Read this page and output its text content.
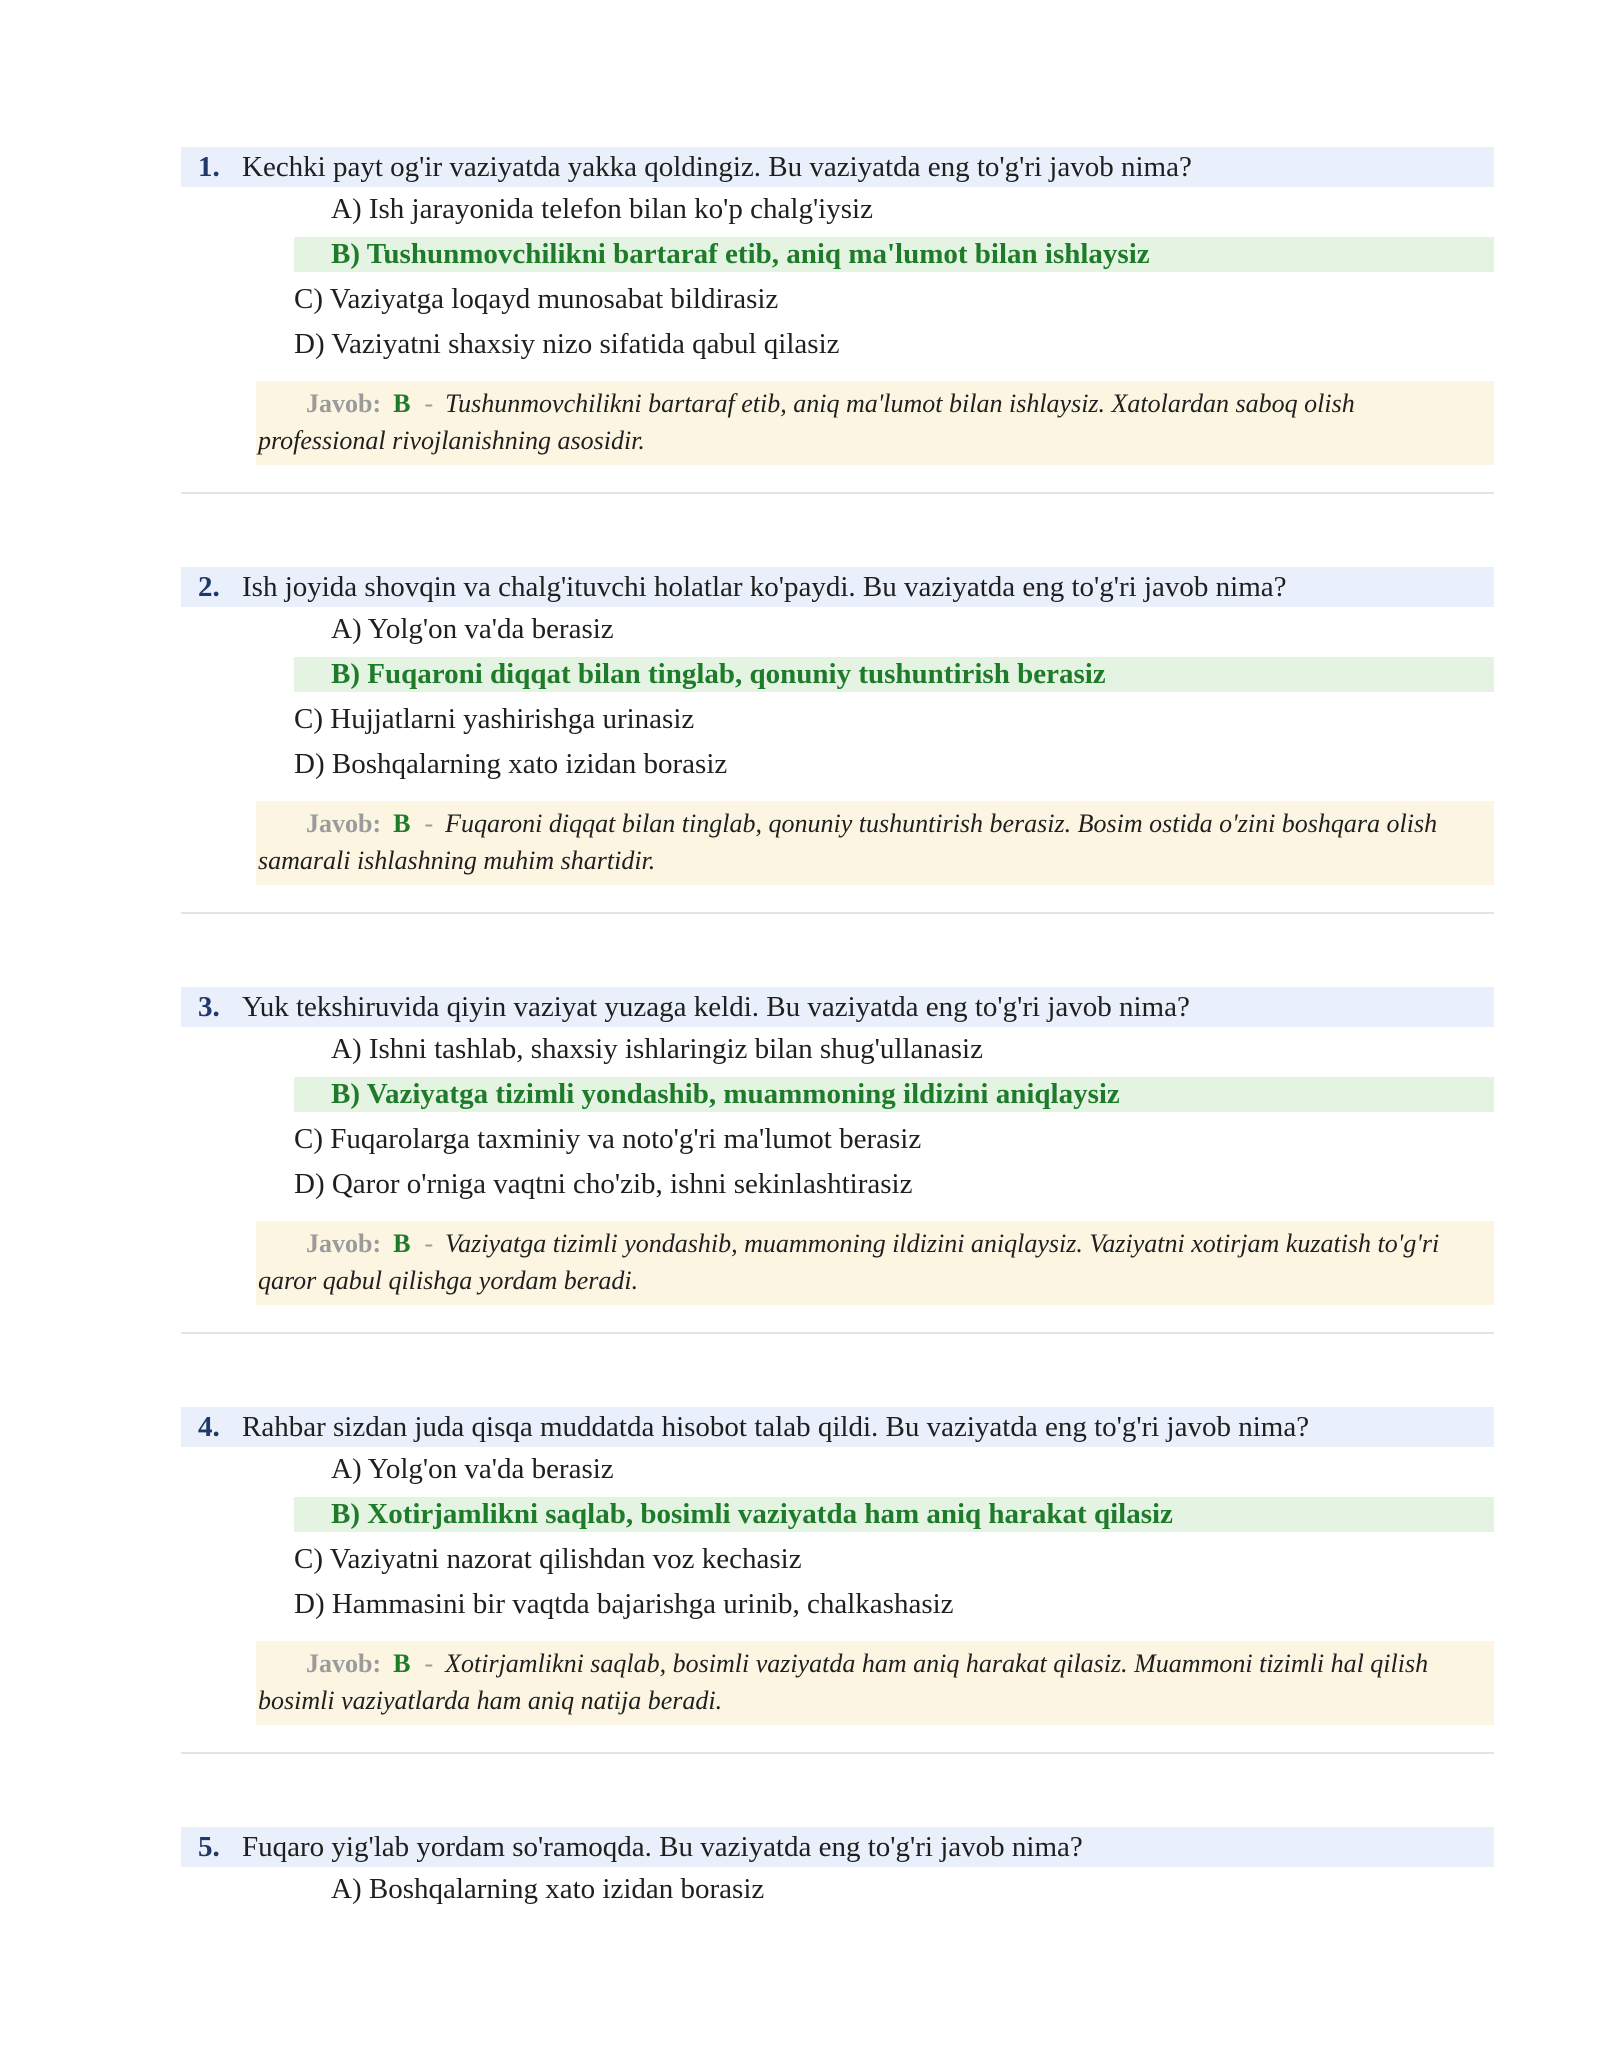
1. Kechki payt og'ir vaziyatda yakka qoldingiz. Bu vaziyatda eng to'g'ri javob nima?
A) Ish jarayonida telefon bilan ko'p chalg'iysiz
B) Tushunmovchilikni bartaraf etib, aniq ma'lumot bilan ishlaysiz
C) Vaziyatga loqayd munosabat bildirasiz
D) Vaziyatni shaxsiy nizo sifatida qabul qilasiz
Javob: B - Tushunmovchilikni bartaraf etib, aniq ma'lumot bilan ishlaysiz. Xatolardan saboq olish professional rivojlanishning asosidir.
2. Ish joyida shovqin va chalg'ituvchi holatlar ko'paydi. Bu vaziyatda eng to'g'ri javob nima?
A) Yolg'on va'da berasiz
B) Fuqaroni diqqat bilan tinglab, qonuniy tushuntirish berasiz
C) Hujjatlarni yashirishga urinasiz
D) Boshqalarning xato izidan borasiz
Javob: B - Fuqaroni diqqat bilan tinglab, qonuniy tushuntirish berasiz. Bosim ostida o'zini boshqara olish samarali ishlashning muhim shartidir.
3. Yuk tekshiruvida qiyin vaziyat yuzaga keldi. Bu vaziyatda eng to'g'ri javob nima?
A) Ishni tashlab, shaxsiy ishlaringiz bilan shug'ullanasiz
B) Vaziyatga tizimli yondashib, muammoning ildizini aniqlaysiz
C) Fuqarolarga taxminiy va noto'g'ri ma'lumot berasiz
D) Qaror o'rniga vaqtni cho'zib, ishni sekinlashtirasiz
Javob: B - Vaziyatga tizimli yondashib, muammoning ildizini aniqlaysiz. Vaziyatni xotirjam kuzatish to'g'ri qaror qabul qilishga yordam beradi.
4. Rahbar sizdan juda qisqa muddatda hisobot talab qildi. Bu vaziyatda eng to'g'ri javob nima?
A) Yolg'on va'da berasiz
B) Xotirjamlikni saqlab, bosimli vaziyatda ham aniq harakat qilasiz
C) Vaziyatni nazorat qilishdan voz kechasiz
D) Hammasini bir vaqtda bajarishga urinib, chalkashasiz
Javob: B - Xotirjamlikni saqlab, bosimli vaziyatda ham aniq harakat qilasiz. Muammoni tizimli hal qilish bosimli vaziyatlarda ham aniq natija beradi.
5. Fuqaro yig'lab yordam so'ramoqda. Bu vaziyatda eng to'g'ri javob nima?
A) Boshqalarning xato izidan borasiz
